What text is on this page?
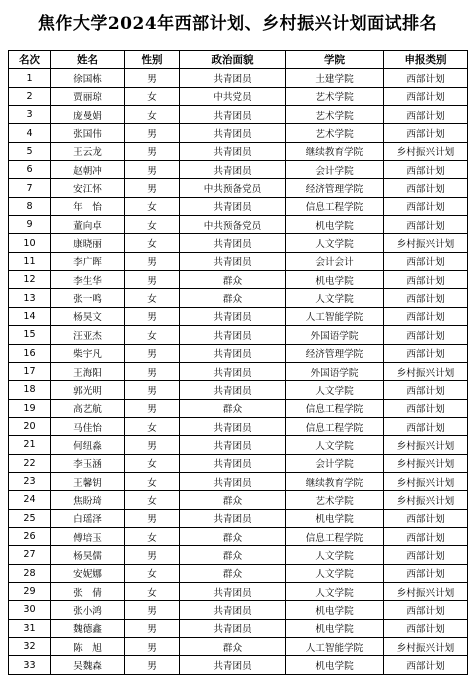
焦作大学2024年西部计划、乡村振兴计划面试排名
名次	姓名	性别	政治面貌	学院	申报类别
1	徐国栋	男	共青团员	土建学院	西部计划
2	贾丽琼	女	中共党员	艺术学院	西部计划
3	庞曼娟	女	共青团员	艺术学院	西部计划
4	张国伟	男	共青团员	艺术学院	西部计划
5	王云龙	男	共青团员	继续教育学院	乡村振兴计划
6	赵朝冲	男	共青团员	会计学院	西部计划
7	安江怀	男	中共预备党员	经济管理学院	西部计划
8	年　怡	女	共青团员	信息工程学院	西部计划
9	董向卓	女	中共预备党员	机电学院	西部计划
10	康晓丽	女	共青团员	人文学院	乡村振兴计划
11	李广晖	男	共青团员	会计会计	西部计划
12	李生华	男	群众	机电学院	西部计划
13	张一鸣	女	群众	人文学院	西部计划
14	杨昊文	男	共青团员	人工智能学院	西部计划
15	汪亚杰	女	共青团员	外国语学院	西部计划
16	柴宇凡	男	共青团员	经济管理学院	西部计划
17	王海阳	男	共青团员	外国语学院	乡村振兴计划
18	郭光明	男	共青团员	人文学院	西部计划
19	高艺航	男	群众	信息工程学院	西部计划
20	马佳怡	女	共青团员	信息工程学院	西部计划
21	何纽淼	男	共青团员	人文学院	乡村振兴计划
22	李玉涵	女	共青团员	会计学院	乡村振兴计划
23	王馨钥	女	共青团员	继续教育学院	乡村振兴计划
24	焦盼琦	女	群众	艺术学院	乡村振兴计划
25	白瑶泽	男	共青团员	机电学院	西部计划
26	傅培玉	女	群众	信息工程学院	西部计划
27	杨昊儒	男	群众	人文学院	西部计划
28	安妮娜	女	群众	人文学院	西部计划
29	张　倩	女	共青团员	人文学院	乡村振兴计划
30	张小鸿	男	共青团员	机电学院	西部计划
31	魏德鑫	男	共青团员	机电学院	西部计划
32	陈　旭	男	群众	人工智能学院	乡村振兴计划
33	吴魏森	男	共青团员	机电学院	西部计划
